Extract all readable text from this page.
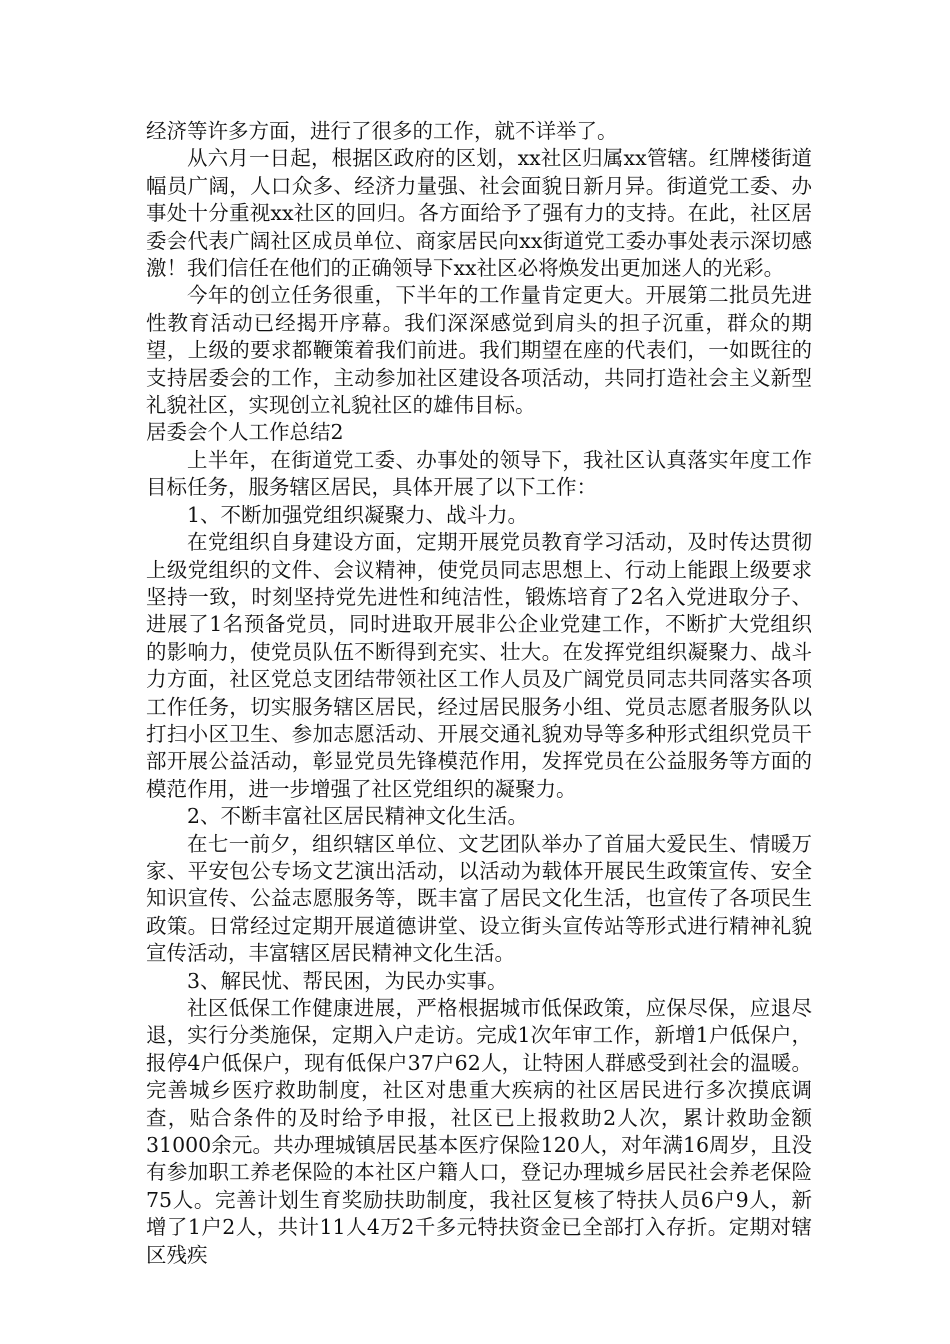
经济等许多方面，进行了很多的工作，就不详举了。

从六月一日起，根据区政府的区划，xx社区归属xx管辖。红牌楼街道幅员广阔，人口众多、经济力量强、社会面貌日新月异。街道党工委、办事处十分重视xx社区的回归。各方面给予了强有力的支持。在此，社区居委会代表广阔社区成员单位、商家居民向xx街道党工委办事处表示深切感激！我们信任在他们的正确领导下xx社区必将焕发出更加迷人的光彩。

今年的创立任务很重，下半年的工作量肯定更大。开展第二批员先进性教育活动已经揭开序幕。我们深深感觉到肩头的担子沉重，群众的期望，上级的要求都鞭策着我们前进。我们期望在座的代表们，一如既往的支持居委会的工作，主动参加社区建设各项活动，共同打造社会主义新型礼貌社区，实现创立礼貌社区的雄伟目标。

居委会个人工作总结2

上半年，在街道党工委、办事处的领导下，我社区认真落实年度工作目标任务，服务辖区居民，具体开展了以下工作：

1、不断加强党组织凝聚力、战斗力。

在党组织自身建设方面，定期开展党员教育学习活动，及时传达贯彻上级党组织的文件、会议精神，使党员同志思想上、行动上能跟上级要求坚持一致，时刻坚持党先进性和纯洁性，锻炼培育了2名入党进取分子、进展了1名预备党员，同时进取开展非公企业党建工作，不断扩大党组织的影响力，使党员队伍不断得到充实、壮大。在发挥党组织凝聚力、战斗力方面，社区党总支团结带领社区工作人员及广阔党员同志共同落实各项工作任务，切实服务辖区居民，经过居民服务小组、党员志愿者服务队以打扫小区卫生、参加志愿活动、开展交通礼貌劝导等多种形式组织党员干部开展公益活动，彰显党员先锋模范作用，发挥党员在公益服务等方面的模范作用，进一步增强了社区党组织的凝聚力。

2、不断丰富社区居民精神文化生活。

在七一前夕，组织辖区单位、文艺团队举办了首届大爱民生、情暖万家、平安包公专场文艺演出活动，以活动为载体开展民生政策宣传、安全知识宣传、公益志愿服务等，既丰富了居民文化生活，也宣传了各项民生政策。日常经过定期开展道德讲堂、设立街头宣传站等形式进行精神礼貌宣传活动，丰富辖区居民精神文化生活。

3、解民忧、帮民困，为民办实事。

社区低保工作健康进展，严格根据城市低保政策，应保尽保，应退尽退，实行分类施保，定期入户走访。完成1次年审工作，新增1户低保户，报停4户低保户，现有低保户37户62人，让特困人群感受到社会的温暖。完善城乡医疗救助制度，社区对患重大疾病的社区居民进行多次摸底调查，贴合条件的及时给予申报，社区已上报救助2人次，累计救助金额31000余元。共办理城镇居民基本医疗保险120人，对年满16周岁，且没有参加职工养老保险的本社区户籍人口，登记办理城乡居民社会养老保险75人。完善计划生育奖励扶助制度，我社区复核了特扶人员6户9人，新增了1户2人，共计11人4万2千多元特扶资金已全部打入存折。定期对辖区残疾
